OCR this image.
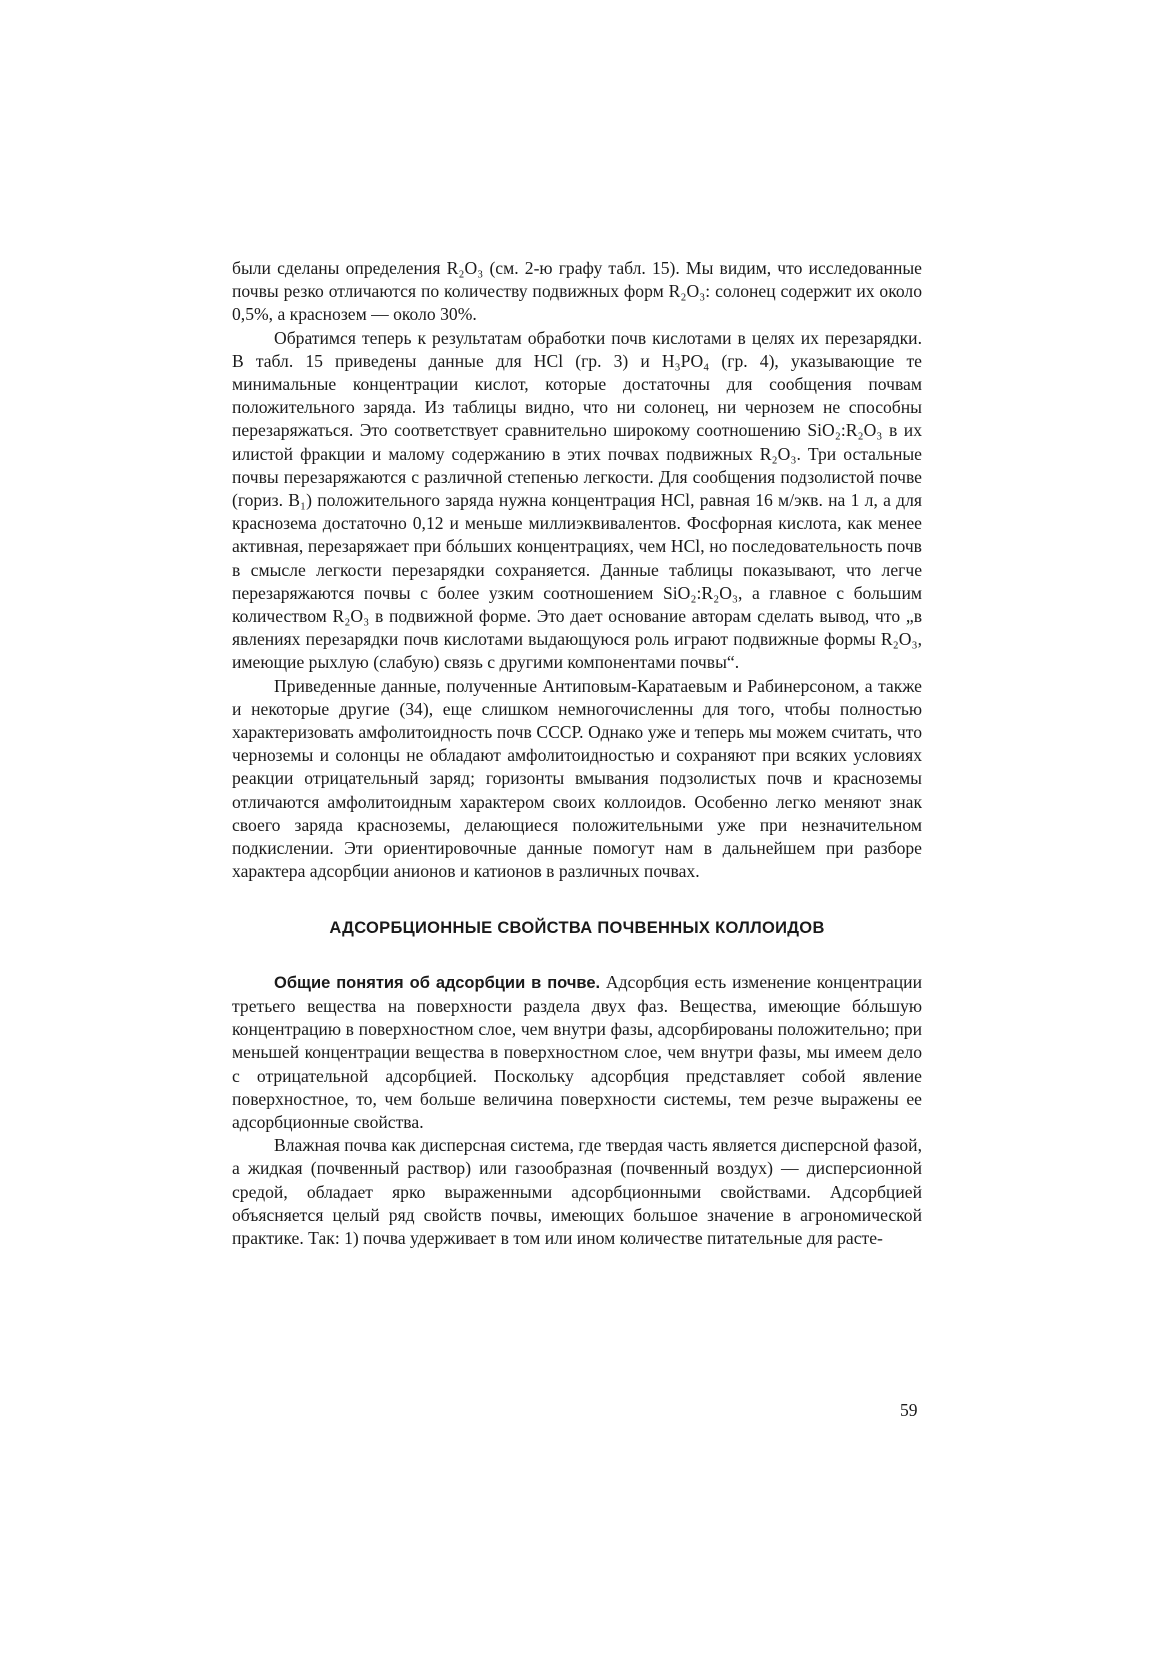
были сделаны определения R₂O₃ (см. 2-ю графу табл. 15). Мы видим, что исследованные почвы резко отличаются по количеству подвижных форм R₂O₃: солонец содержит их около 0,5%, а краснозем — около 30%.

Обратимся теперь к результатам обработки почв кислотами в целях их перезарядки. В табл. 15 приведены данные для HCl (гр. 3) и H₃PO₄ (гр. 4), указывающие те минимальные концентрации кислот, которые достаточны для сообщения почвам положительного заряда. Из таблицы видно, что ни солонец, ни чернозем не способны перезаряжаться. Это соответствует сравнительно широкому соотношению SiO₂:R₂O₃ в их илистой фракции и малому содержанию в этих почвах подвижных R₂O₃. Три остальные почвы перезаряжаются с различной степенью легкости. Для сообщения подзолистой почве (гориз. B₁) положительного заряда нужна концентрация HCl, равная 16 м/экв. на 1 л, а для краснозема достаточно 0,12 и меньше миллиэквивалентов. Фосфорная кислота, как менее активная, перезаряжает при бóльших концентрациях, чем HCl, но последовательность почв в смысле легкости перезарядки сохраняется. Данные таблицы показывают, что легче перезаряжаются почвы с более узким соотношением SiO₂:R₂O₃, а главное с большим количеством R₂O₃ в подвижной форме. Это дает основание авторам сделать вывод, что „в явлениях перезарядки почв кислотами выдающуюся роль играют подвижные формы R₂O₃, имеющие рыхлую (слабую) связь с другими компонентами почвы“.

Приведенные данные, полученные Антиповым-Каратаевым и Рабинерсоном, а также и некоторые другие (34), еще слишком немногочисленны для того, чтобы полностью характеризовать амфолитоидность почв СССР. Однако уже и теперь мы можем считать, что черноземы и солонцы не обладают амфолитоидностью и сохраняют при всяких условиях реакции отрицательный заряд; горизонты вмывания подзолистых почв и красноземы отличаются амфолитоидным характером своих коллоидов. Особенно легко меняют знак своего заряда красноземы, делающиеся положительными уже при незначительном подкислении. Эти ориентировочные данные помогут нам в дальнейшем при разборе характера адсорбции анионов и катионов в различных почвах.

АДСОРБЦИОННЫЕ СВОЙСТВА ПОЧВЕННЫХ КОЛЛОИДОВ

Общие понятия об адсорбции в почве. Адсорбция есть изменение концентрации третьего вещества на поверхности раздела двух фаз. Вещества, имеющие бóльшую концентрацию в поверхностном слое, чем внутри фазы, адсорбированы положительно; при меньшей концентрации вещества в поверхностном слое, чем внутри фазы, мы имеем дело с отрицательной адсорбцией. Поскольку адсорбция представляет собой явление поверхностное, то, чем больше величина поверхности системы, тем резче выражены ее адсорбционные свойства.

Влажная почва как дисперсная система, где твердая часть является дисперсной фазой, а жидкая (почвенный раствор) или газообразная (почвенный воздух) — дисперсионной средой, обладает ярко выраженными адсорбционными свойствами. Адсорбцией объясняется целый ряд свойств почвы, имеющих большое значение в агрономической практике. Так: 1) почва удерживает в том или ином количестве питательные для расте-

59
